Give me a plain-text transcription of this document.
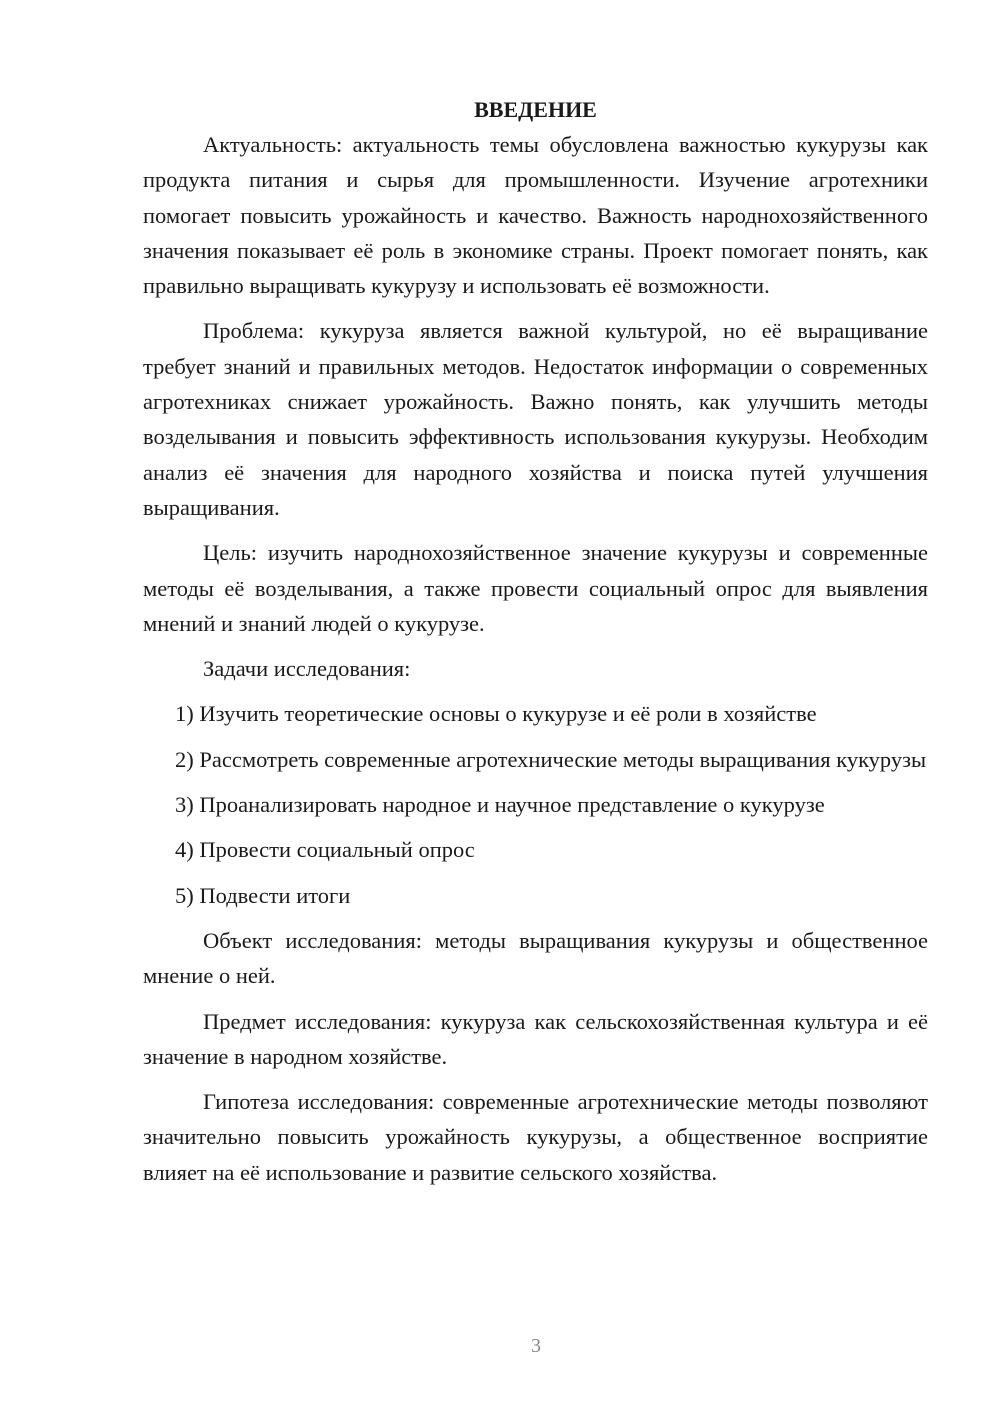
ВВЕДЕНИЕ

Актуальность: актуальность темы обусловлена важностью кукурузы как продукта питания и сырья для промышленности. Изучение агротехники помогает повысить урожайность и качество. Важность народнохозяйственного значения показывает её роль в экономике страны. Проект помогает понять, как правильно выращивать кукурузу и использовать её возможности.

Проблема: кукуруза является важной культурой, но её выращивание требует знаний и правильных методов. Недостаток информации о современных агротехниках снижает урожайность. Важно понять, как улучшить методы возделывания и повысить эффективность использования кукурузы. Необходим анализ её значения для народного хозяйства и поиска путей улучшения выращивания.

Цель: изучить народнохозяйственное значение кукурузы и современные методы её возделывания, а также провести социальный опрос для выявления мнений и знаний людей о кукурузе.

Задачи исследования:

1) Изучить теоретические основы о кукурузе и её роли в хозяйстве

2) Рассмотреть современные агротехнические методы выращивания кукурузы

3) Проанализировать народное и научное представление о кукурузе

4) Провести социальный опрос

5) Подвести итоги

Объект исследования: методы выращивания кукурузы и общественное мнение о ней.

Предмет исследования: кукуруза как сельскохозяйственная культура и её значение в народном хозяйстве.

Гипотеза исследования: современные агротехнические методы позволяют значительно повысить урожайность кукурузы, а общественное восприятие влияет на её использование и развитие сельского хозяйства.

3
